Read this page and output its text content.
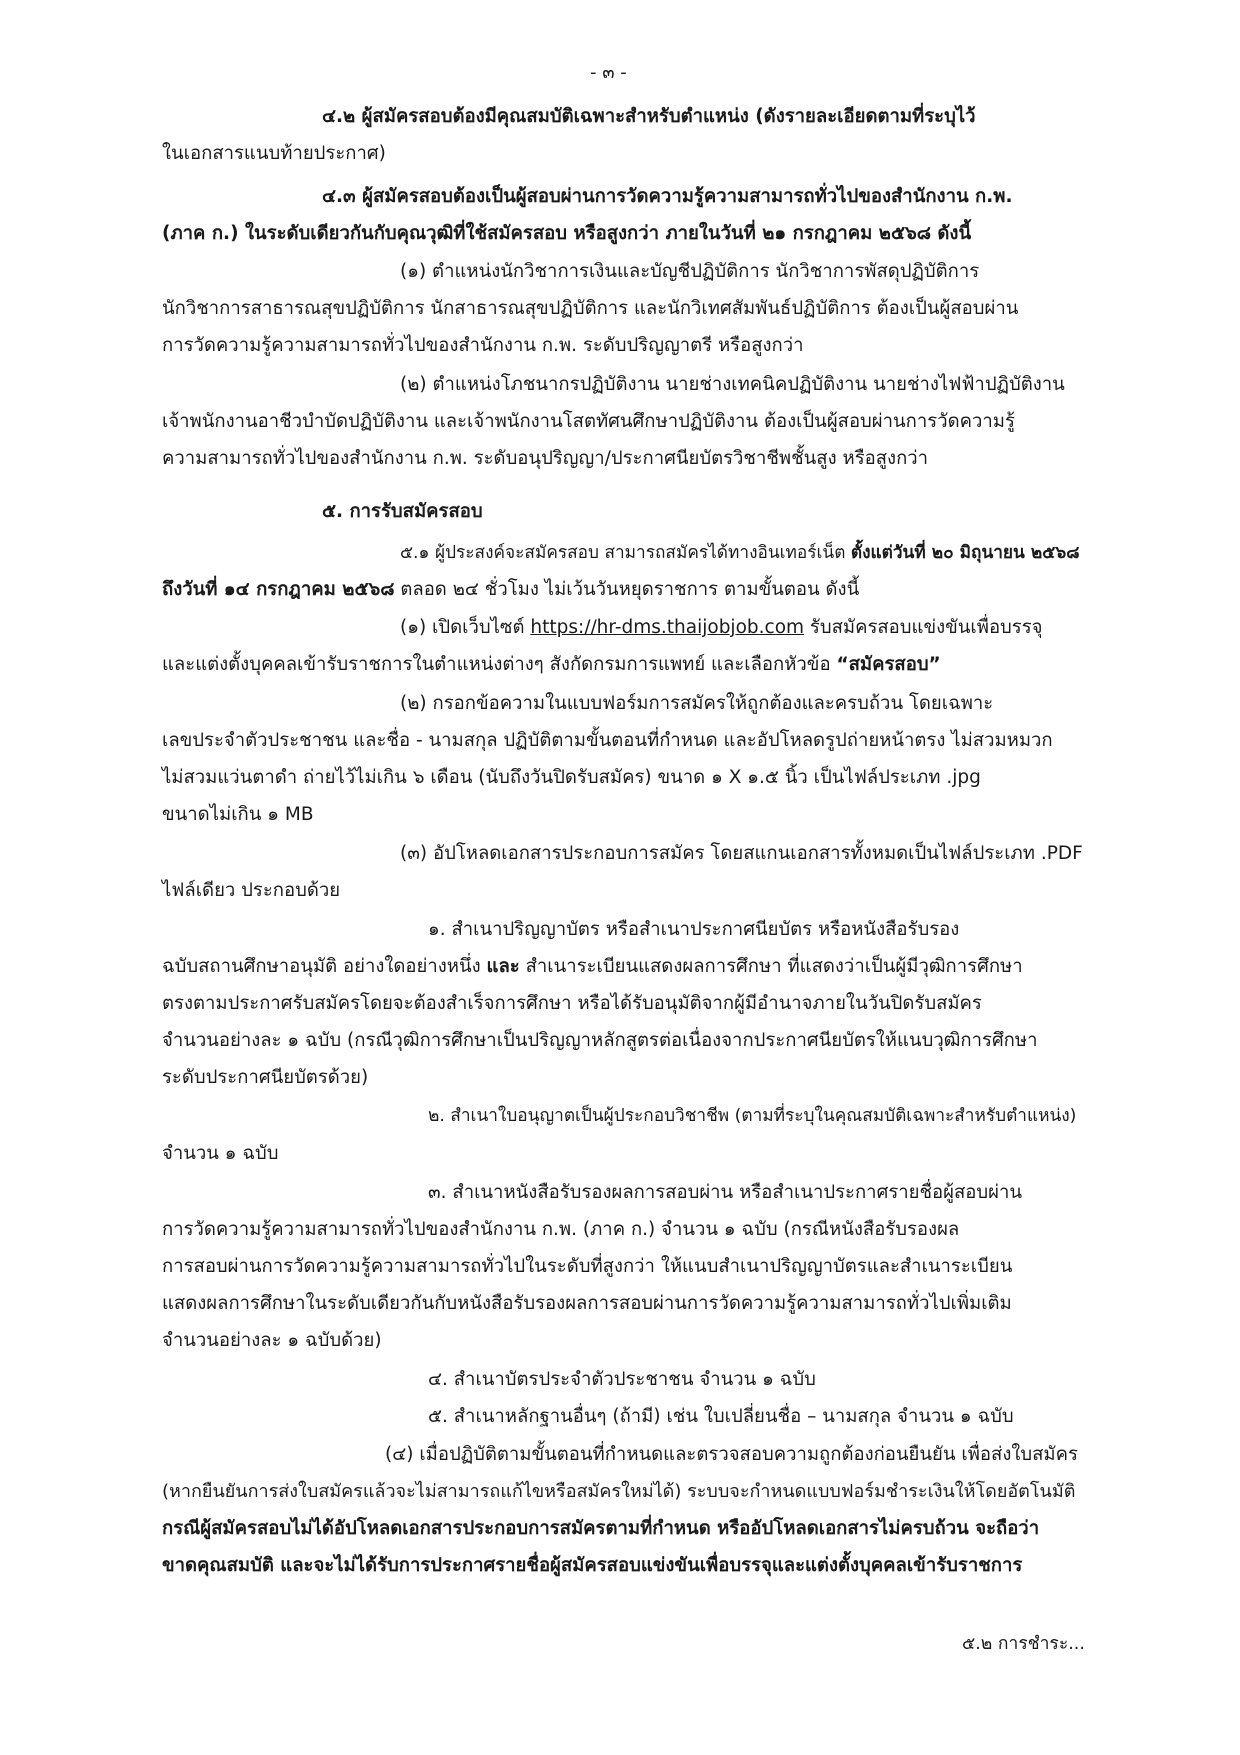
- ๓ -
๔.๒ ผู้สมัครสอบต้องมีคุณสมบัติเฉพาะสำหรับตำแหน่ง (ดังรายละเอียดตามที่ระบุไว้
ในเอกสารแนบท้ายประกาศ)
๔.๓ ผู้สมัครสอบต้องเป็นผู้สอบผ่านการวัดความรู้ความสามารถทั่วไปของสำนักงาน ก.พ.
(ภาค ก.) ในระดับเดียวกันกับคุณวุฒิที่ใช้สมัครสอบ หรือสูงกว่า ภายในวันที่ ๒๑ กรกฎาคม ๒๕๖๘ ดังนี้
(๑) ตำแหน่งนักวิชาการเงินและบัญชีปฏิบัติการ นักวิชาการพัสดุปฏิบัติการ
นักวิชาการสาธารณสุขปฏิบัติการ นักสาธารณสุขปฏิบัติการ และนักวิเทศสัมพันธ์ปฏิบัติการ ต้องเป็นผู้สอบผ่าน
การวัดความรู้ความสามารถทั่วไปของสำนักงาน ก.พ. ระดับปริญญาตรี หรือสูงกว่า
(๒) ตำแหน่งโภชนากรปฏิบัติงาน นายช่างเทคนิคปฏิบัติงาน นายช่างไฟฟ้าปฏิบัติงาน
เจ้าพนักงานอาชีวบำบัดปฏิบัติงาน และเจ้าพนักงานโสตทัศนศึกษาปฏิบัติงาน ต้องเป็นผู้สอบผ่านการวัดความรู้
ความสามารถทั่วไปของสำนักงาน ก.พ. ระดับอนุปริญญา/ประกาศนียบัตรวิชาชีพชั้นสูง หรือสูงกว่า
๕. การรับสมัครสอบ
๕.๑ ผู้ประสงค์จะสมัครสอบ สามารถสมัครได้ทางอินเทอร์เน็ต ตั้งแต่วันที่ ๒๐ มิถุนายน ๒๕๖๘
ถึงวันที่ ๑๔ กรกฎาคม ๒๕๖๘ ตลอด ๒๔ ชั่วโมง ไม่เว้นวันหยุดราชการ ตามขั้นตอน ดังนี้
(๑) เปิดเว็บไซต์ https://hr-dms.thaijobjob.com รับสมัครสอบแข่งขันเพื่อบรรจุ
และแต่งตั้งบุคคลเข้ารับราชการในตำแหน่งต่างๆ สังกัดกรมการแพทย์ และเลือกหัวข้อ “สมัครสอบ”
(๒) กรอกข้อความในแบบฟอร์มการสมัครให้ถูกต้องและครบถ้วน โดยเฉพาะ
เลขประจำตัวประชาชน และชื่อ - นามสกุล ปฏิบัติตามขั้นตอนที่กำหนด และอัปโหลดรูปถ่ายหน้าตรง ไม่สวมหมวก
ไม่สวมแว่นตาดำ ถ่ายไว้ไม่เกิน ๖ เดือน (นับถึงวันปิดรับสมัคร) ขนาด ๑ X ๑.๕ นิ้ว เป็นไฟล์ประเภท .jpg
ขนาดไม่เกิน ๑ MB
(๓) อัปโหลดเอกสารประกอบการสมัคร โดยสแกนเอกสารทั้งหมดเป็นไฟล์ประเภท .PDF
ไฟล์เดียว ประกอบด้วย
๑. สำเนาปริญญาบัตร หรือสำเนาประกาศนียบัตร หรือหนังสือรับรอง
ฉบับสถานศึกษาอนุมัติ อย่างใดอย่างหนึ่ง และ สำเนาระเบียนแสดงผลการศึกษา ที่แสดงว่าเป็นผู้มีวุฒิการศึกษา
ตรงตามประกาศรับสมัครโดยจะต้องสำเร็จการศึกษา หรือได้รับอนุมัติจากผู้มีอำนาจภายในวันปิดรับสมัคร
จำนวนอย่างละ ๑ ฉบับ (กรณีวุฒิการศึกษาเป็นปริญญาหลักสูตรต่อเนื่องจากประกาศนียบัตรให้แนบวุฒิการศึกษา
ระดับประกาศนียบัตรด้วย)
๒. สำเนาใบอนุญาตเป็นผู้ประกอบวิชาชีพ (ตามที่ระบุในคุณสมบัติเฉพาะสำหรับตำแหน่ง)
จำนวน ๑ ฉบับ
๓. สำเนาหนังสือรับรองผลการสอบผ่าน หรือสำเนาประกาศรายชื่อผู้สอบผ่าน
การวัดความรู้ความสามารถทั่วไปของสำนักงาน ก.พ. (ภาค ก.) จำนวน ๑ ฉบับ (กรณีหนังสือรับรองผล
การสอบผ่านการวัดความรู้ความสามารถทั่วไปในระดับที่สูงกว่า ให้แนบสำเนาปริญญาบัตรและสำเนาระเบียน
แสดงผลการศึกษาในระดับเดียวกันกับหนังสือรับรองผลการสอบผ่านการวัดความรู้ความสามารถทั่วไปเพิ่มเติม
จำนวนอย่างละ ๑ ฉบับด้วย)
๔. สำเนาบัตรประจำตัวประชาชน จำนวน ๑ ฉบับ
๕. สำเนาหลักฐานอื่นๆ (ถ้ามี) เช่น ใบเปลี่ยนชื่อ – นามสกุล จำนวน ๑ ฉบับ
(๔) เมื่อปฏิบัติตามขั้นตอนที่กำหนดและตรวจสอบความถูกต้องก่อนยืนยัน เพื่อส่งใบสมัคร
(หากยืนยันการส่งใบสมัครแล้วจะไม่สามารถแก้ไขหรือสมัครใหม่ได้) ระบบจะกำหนดแบบฟอร์มชำระเงินให้โดยอัตโนมัติ
กรณีผู้สมัครสอบไม่ได้อัปโหลดเอกสารประกอบการสมัครตามที่กำหนด หรืออัปโหลดเอกสารไม่ครบถ้วน จะถือว่า
ขาดคุณสมบัติ และจะไม่ได้รับการประกาศรายชื่อผู้สมัครสอบแข่งขันเพื่อบรรจุและแต่งตั้งบุคคลเข้ารับราชการ
๕.๒ การชำระ...
